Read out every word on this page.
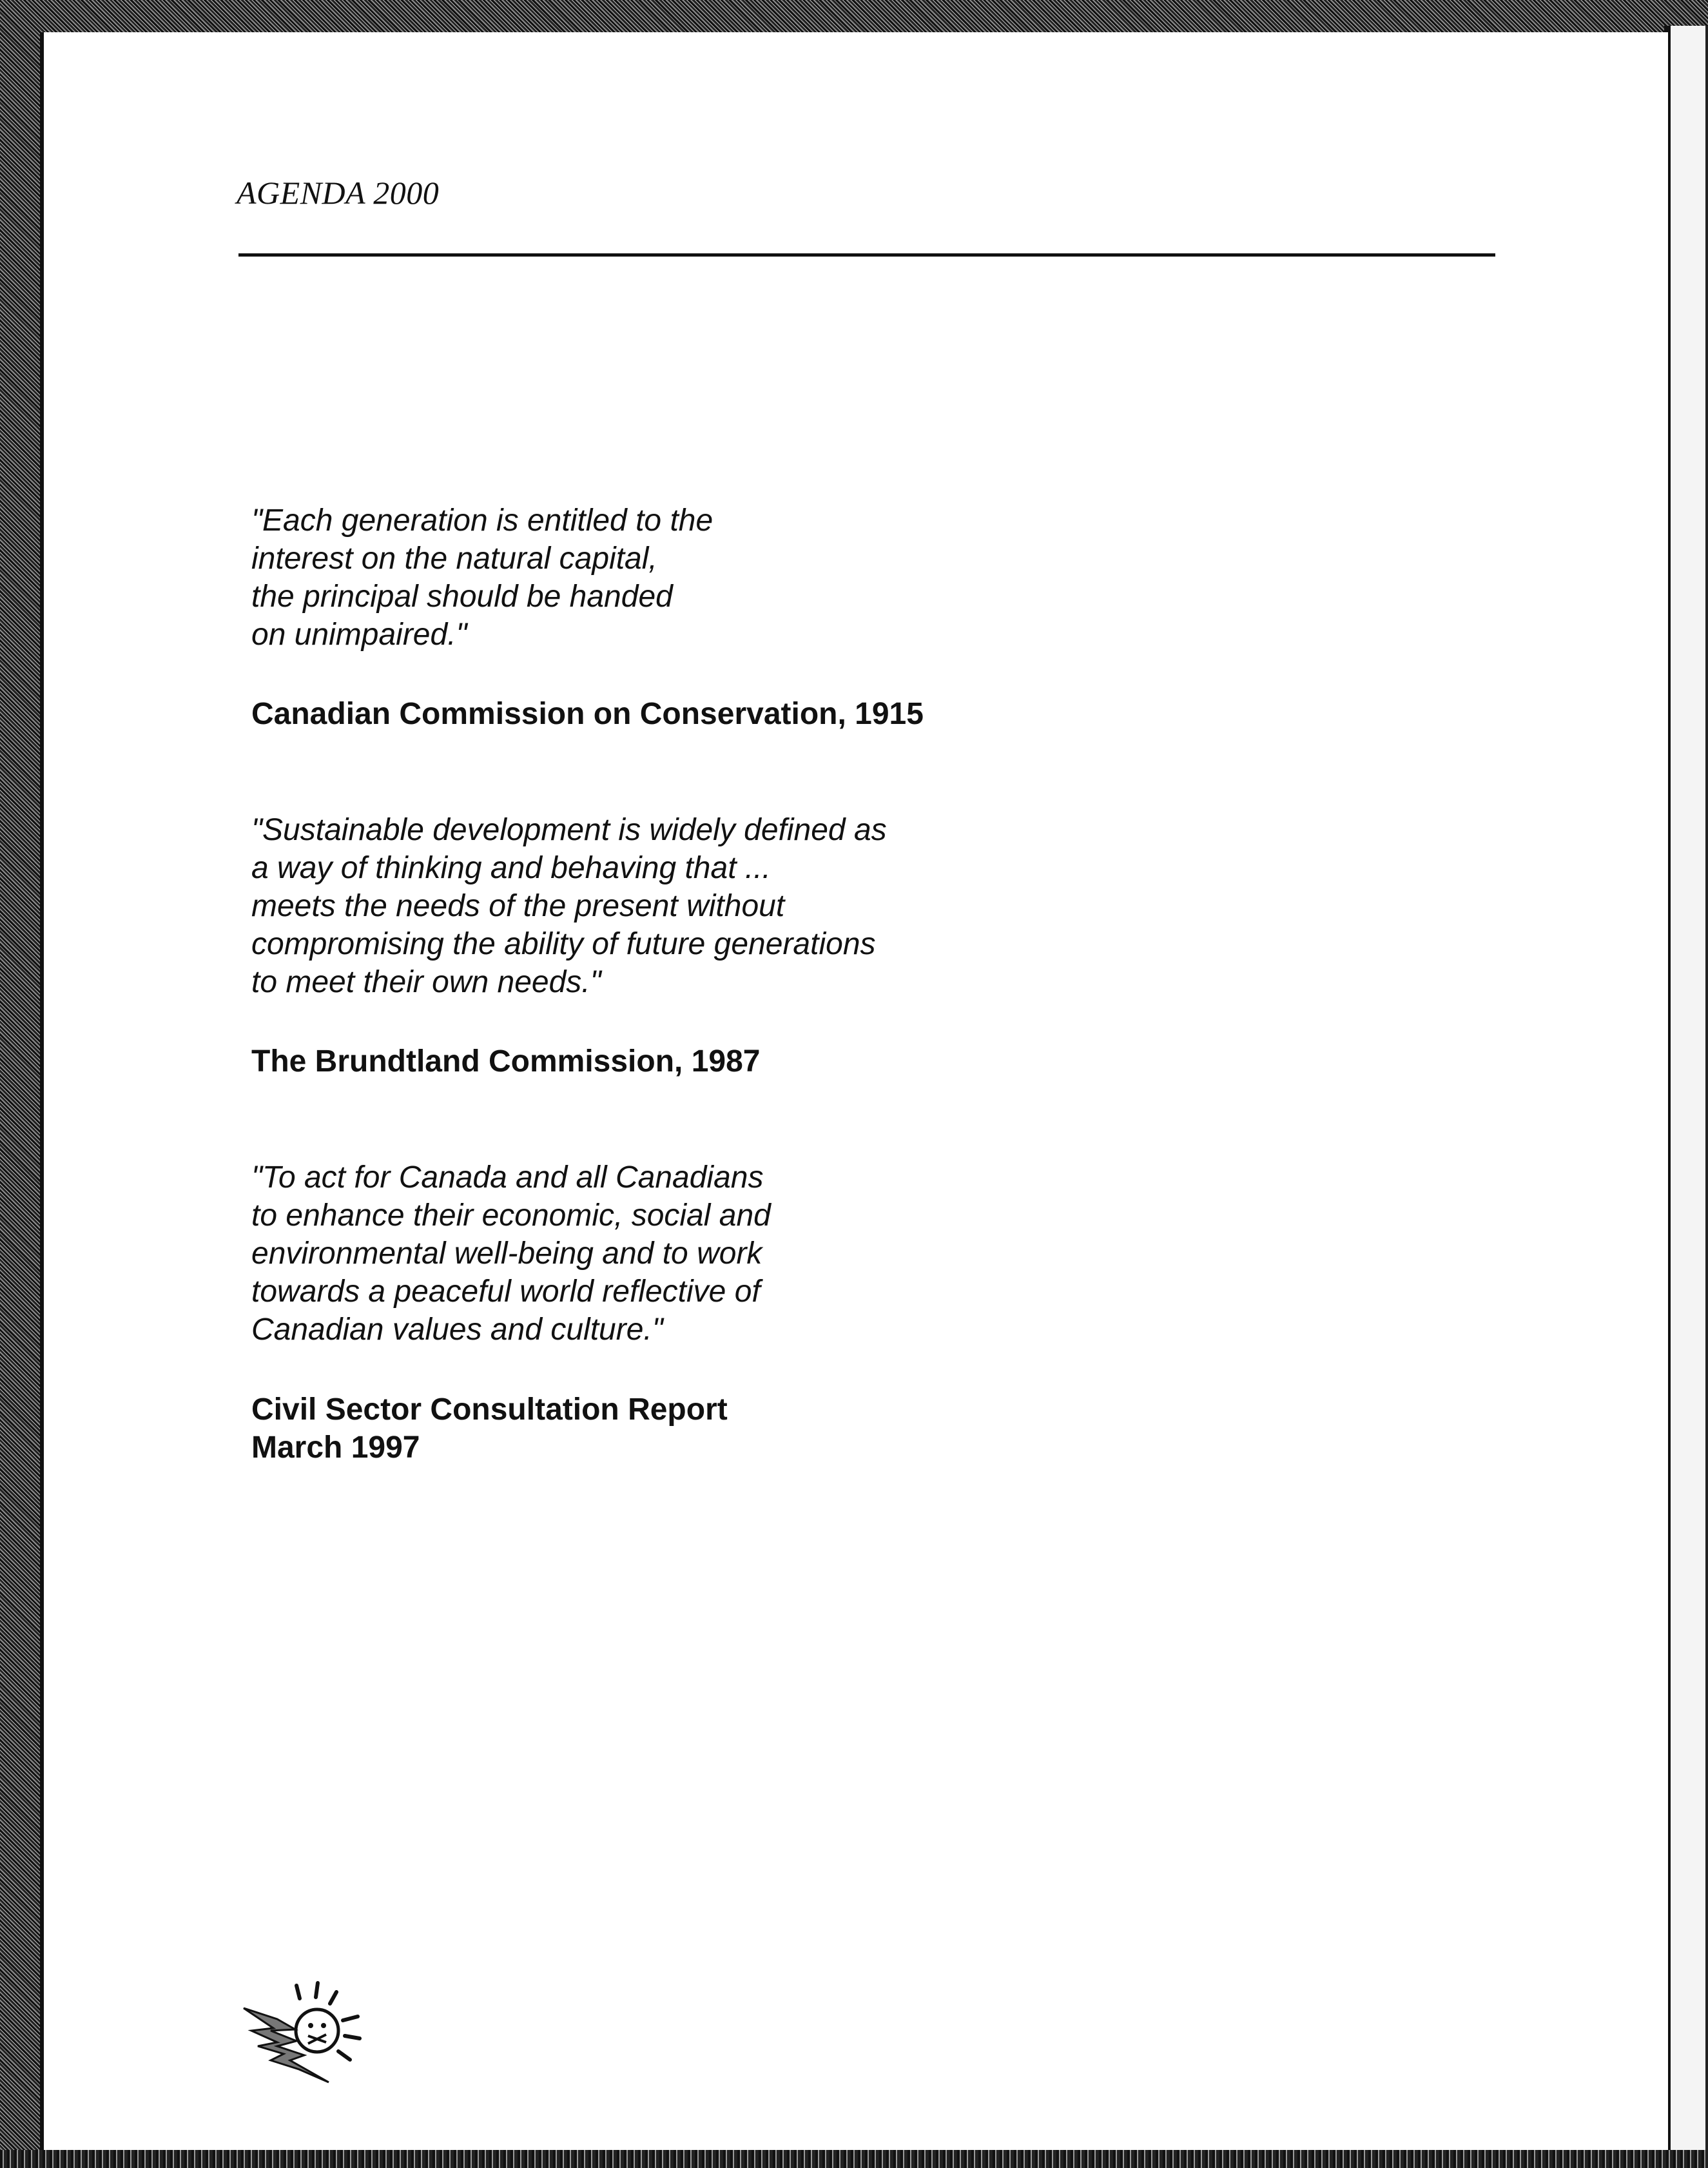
AGENDA 2000
"Each generation is entitled to the
interest on the natural capital,
the principal should be handed
on unimpaired."
Canadian Commission on Conservation, 1915
"Sustainable development is widely defined as
a way of thinking and behaving that ...
meets the needs of the present without
compromising the ability of future generations
to meet their own needs."
The Brundtland Commission, 1987
"To act for Canada and all Canadians
to enhance their economic, social and
environmental well-being and to work
towards a peaceful world reflective of
Canadian values and culture."
Civil Sector Consultation Report
March 1997
